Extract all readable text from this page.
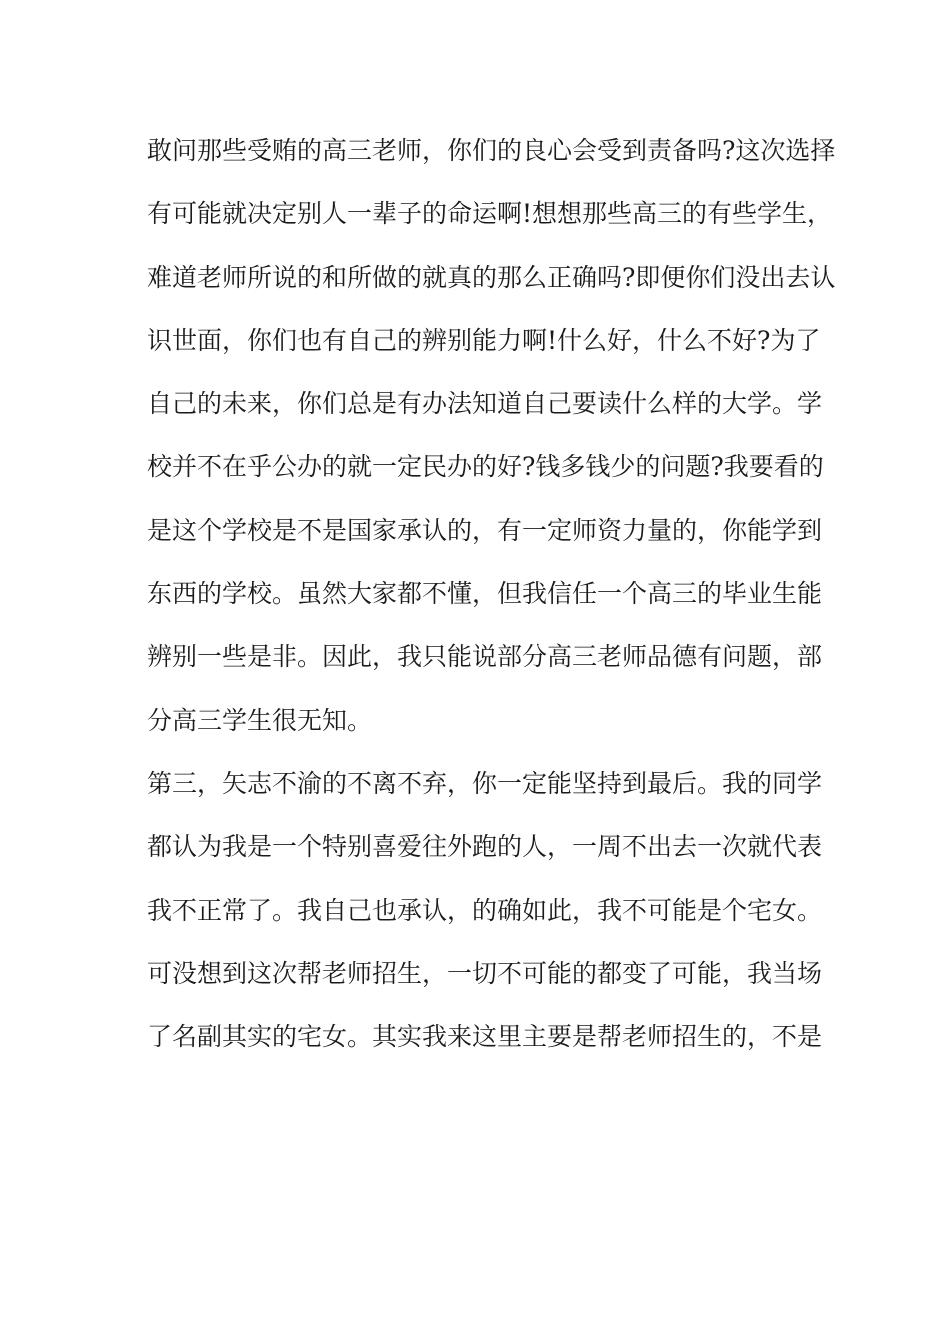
敢问那些受贿的高三老师，你们的良心会受到责备吗?这次选择
有可能就决定别人一辈子的命运啊!想想那些高三的有些学生，
难道老师所说的和所做的就真的那么正确吗?即便你们没出去认
识世面，你们也有自己的辨别能力啊!什么好，什么不好?为了
自己的未来，你们总是有办法知道自己要读什么样的大学。学
校并不在乎公办的就一定民办的好?钱多钱少的问题?我要看的
是这个学校是不是国家承认的，有一定师资力量的，你能学到
东西的学校。虽然大家都不懂，但我信任一个高三的毕业生能
辨别一些是非。因此，我只能说部分高三老师品德有问题，部
分高三学生很无知。
第三，矢志不渝的不离不弃，你一定能坚持到最后。我的同学
都认为我是一个特别喜爱往外跑的人，一周不出去一次就代表
我不正常了。我自己也承认，的确如此，我不可能是个宅女。
可没想到这次帮老师招生，一切不可能的都变了可能，我当场
了名副其实的宅女。其实我来这里主要是帮老师招生的，不是
